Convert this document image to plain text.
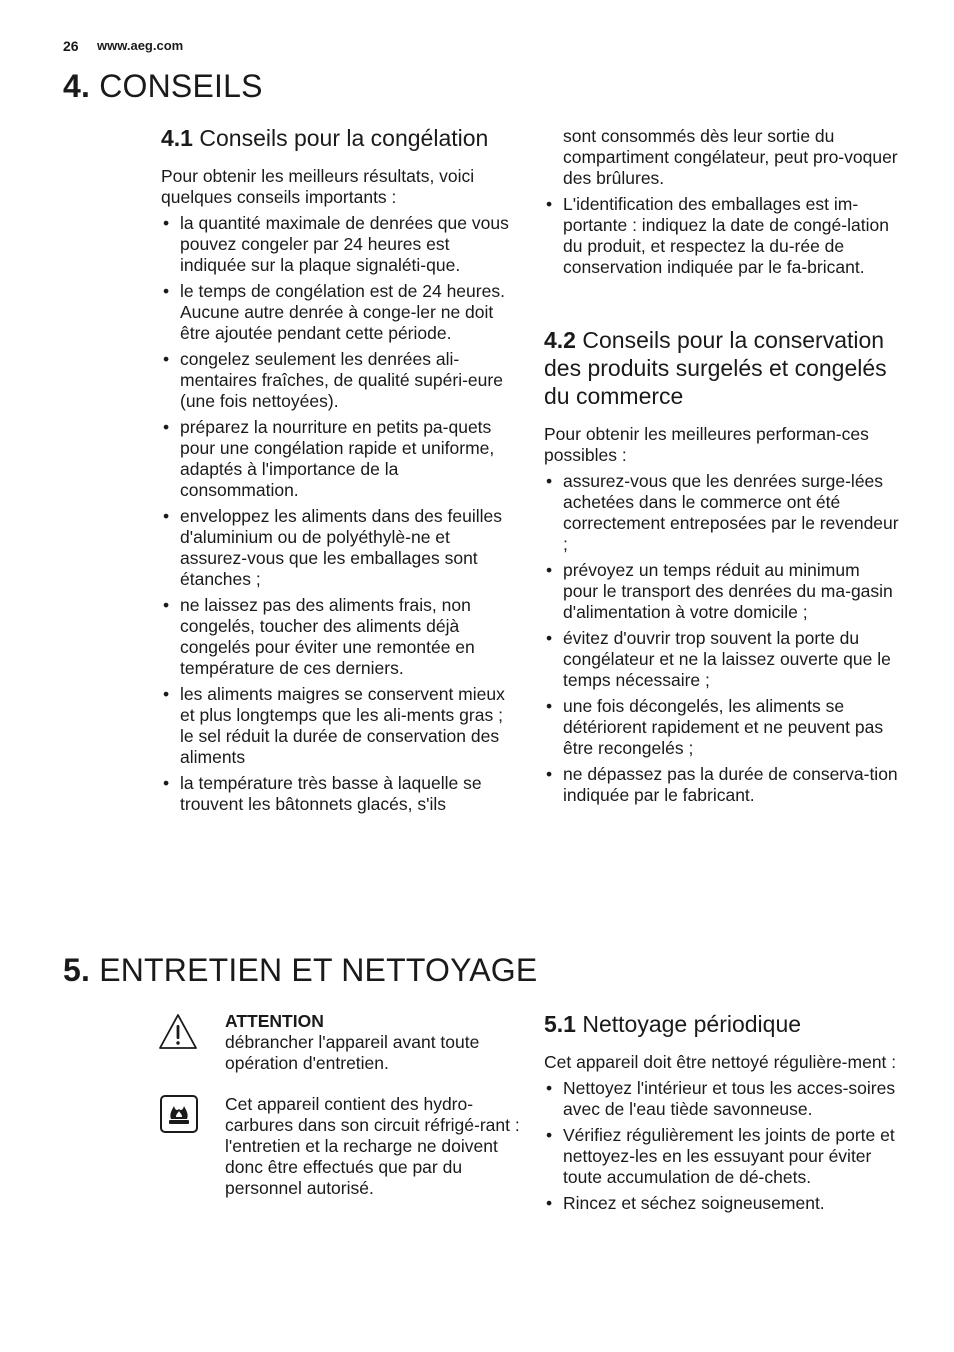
26 www.aeg.com
4. CONSEILS
4.1 Conseils pour la congélation

Pour obtenir les meilleurs résultats, voici quelques conseils importants :

• la quantité maximale de denrées que vous pouvez congeler par 24 heures est indiquée sur la plaque signaléti-que.
• le temps de congélation est de 24 heures. Aucune autre denrée à conge-ler ne doit être ajoutée pendant cette période.
• congelez seulement les denrées ali-mentaires fraîches, de qualité supéri-eure (une fois nettoyées).
• préparez la nourriture en petits pa-quets pour une congélation rapide et uniforme, adaptés à l'importance de la consommation.
• enveloppez les aliments dans des feuilles d'aluminium ou de polyéthylè-ne et assurez-vous que les emballages sont étanches ;
• ne laissez pas des aliments frais, non congelés, toucher des aliments déjà congelés pour éviter une remontée en température de ces derniers.
• les aliments maigres se conservent mieux et plus longtemps que les ali-ments gras ; le sel réduit la durée de conservation des aliments
• la température très basse à laquelle se trouvent les bâtonnets glacés, s'ils

sont consommés dès leur sortie du compartiment congélateur, peut pro-voquer des brûlures.

• L'identification des emballages est im-portante : indiquez la date de congé-lation du produit, et respectez la du-rée de conservation indiquée par le fa-bricant.
4.2 Conseils pour la conservation des produits surgelés et congelés du commerce

Pour obtenir les meilleures performan-ces possibles :

• assurez-vous que les denrées surge-lées achetées dans le commerce ont été correctement entreposées par le revendeur ;
• prévoyez un temps réduit au minimum pour le transport des denrées du ma-gasin d'alimentation à votre domicile ;
• évitez d'ouvrir trop souvent la porte du congélateur et ne la laissez ouverte que le temps nécessaire ;
• une fois décongelés, les aliments se détériorent rapidement et ne peuvent pas être recongelés ;
• ne dépassez pas la durée de conserva-tion indiquée par le fabricant.
5. ENTRETIEN ET NETTOYAGE
ATTENTION

débrancher l'appareil avant toute opération d'entretien.

Cet appareil contient des hydro-carbures dans son circuit réfrigé-rant : l'entretien et la recharge ne doivent donc être effectués que par du personnel autorisé.

5.1 Nettoyage périodique

Cet appareil doit être nettoyé régulière-ment :

• Nettoyez l'intérieur et tous les acces-soires avec de l'eau tiède savonneuse.
• Vérifiez régulièrement les joints de porte et nettoyez-les en les essuyant pour éviter toute accumulation de dé-chets.
• Rincez et séchez soigneusement.
